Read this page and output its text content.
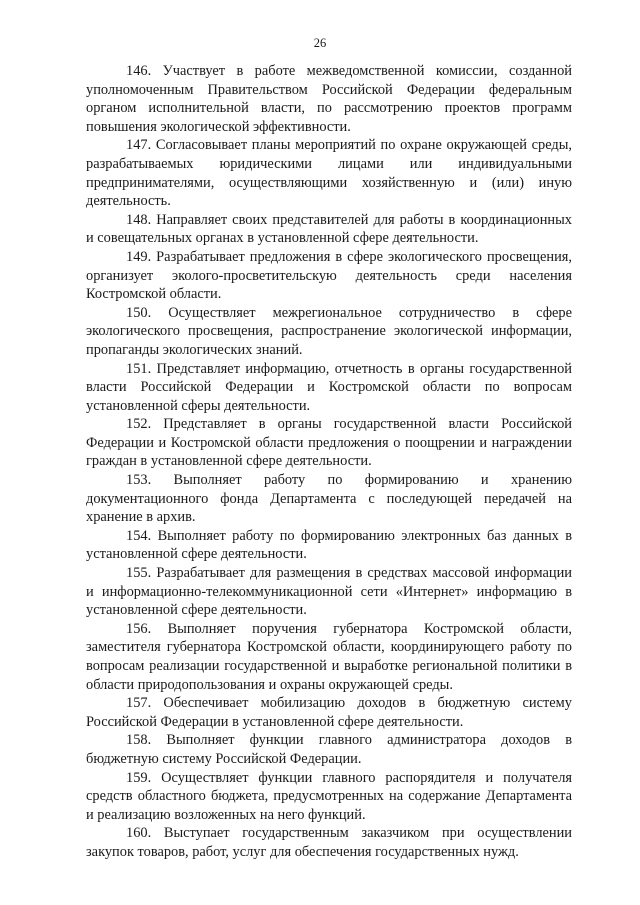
26

146. Участвует в работе межведомственной комиссии, созданной уполномоченным Правительством Российской Федерации федеральным органом исполнительной власти, по рассмотрению проектов программ повышения экологической эффективности.

147. Согласовывает планы мероприятий по охране окружающей среды, разрабатываемых юридическими лицами или индивидуальными предпринимателями, осуществляющими хозяйственную и (или) иную деятельность.

148. Направляет своих представителей для работы в координационных и совещательных органах в установленной сфере деятельности.

149. Разрабатывает предложения в сфере экологического просвещения, организует эколого-просветительскую деятельность среди населения Костромской области.

150. Осуществляет межрегиональное сотрудничество в сфере экологического просвещения, распространение экологической информации, пропаганды экологических знаний.

151. Представляет информацию, отчетность в органы государственной власти Российской Федерации и Костромской области по вопросам установленной сферы деятельности.

152. Представляет в органы государственной власти Российской Федерации и Костромской области предложения о поощрении и награждении граждан в установленной сфере деятельности.

153. Выполняет работу по формированию и хранению документационного фонда Департамента с последующей передачей на хранение в архив.

154. Выполняет работу по формированию электронных баз данных в установленной сфере деятельности.

155. Разрабатывает для размещения в средствах массовой информации и информационно-телекоммуникационной сети «Интернет» информацию в установленной сфере деятельности.

156. Выполняет поручения губернатора Костромской области, заместителя губернатора Костромской области, координирующего работу по вопросам реализации государственной и выработке региональной политики в области природопользования и охраны окружающей среды.

157. Обеспечивает мобилизацию доходов в бюджетную систему Российской Федерации в установленной сфере деятельности.

158. Выполняет функции главного администратора доходов в бюджетную систему Российской Федерации.

159. Осуществляет функции главного распорядителя и получателя средств областного бюджета, предусмотренных на содержание Департамента и реализацию возложенных на него функций.

160. Выступает государственным заказчиком при осуществлении закупок товаров, работ, услуг для обеспечения государственных нужд.
